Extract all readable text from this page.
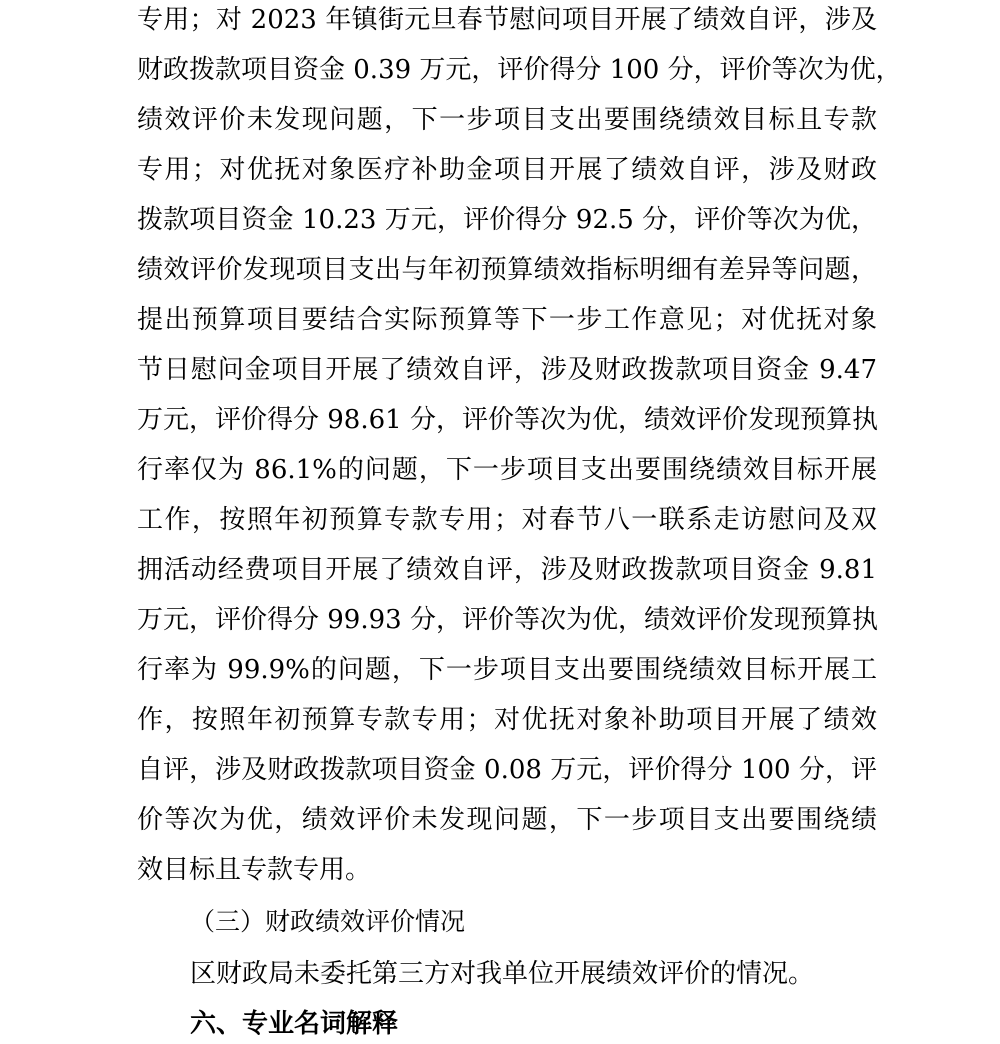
专用；对 2023 年镇街元旦春节慰问项目开展了绩效自评，涉及
财政拨款项目资金 0.39 万元，评价得分 100 分，评价等次为优，
绩效评价未发现问题，下一步项目支出要围绕绩效目标且专款
专用；对优抚对象医疗补助金项目开展了绩效自评，涉及财政
拨款项目资金 10.23 万元，评价得分 92.5 分，评价等次为优，
绩效评价发现项目支出与年初预算绩效指标明细有差异等问题，
提出预算项目要结合实际预算等下一步工作意见；对优抚对象
节日慰问金项目开展了绩效自评，涉及财政拨款项目资金 9.47
万元，评价得分 98.61 分，评价等次为优，绩效评价发现预算执
行率仅为 86.1%的问题，下一步项目支出要围绕绩效目标开展
工作，按照年初预算专款专用；对春节八一联系走访慰问及双
拥活动经费项目开展了绩效自评，涉及财政拨款项目资金 9.81
万元，评价得分 99.93 分，评价等次为优，绩效评价发现预算执
行率为 99.9%的问题，下一步项目支出要围绕绩效目标开展工
作，按照年初预算专款专用；对优抚对象补助项目开展了绩效
自评，涉及财政拨款项目资金 0.08 万元，评价得分 100 分，评
价等次为优，绩效评价未发现问题，下一步项目支出要围绕绩
效目标且专款专用。
（三）财政绩效评价情况
区财政局未委托第三方对我单位开展绩效评价的情况。
六、专业名词解释
